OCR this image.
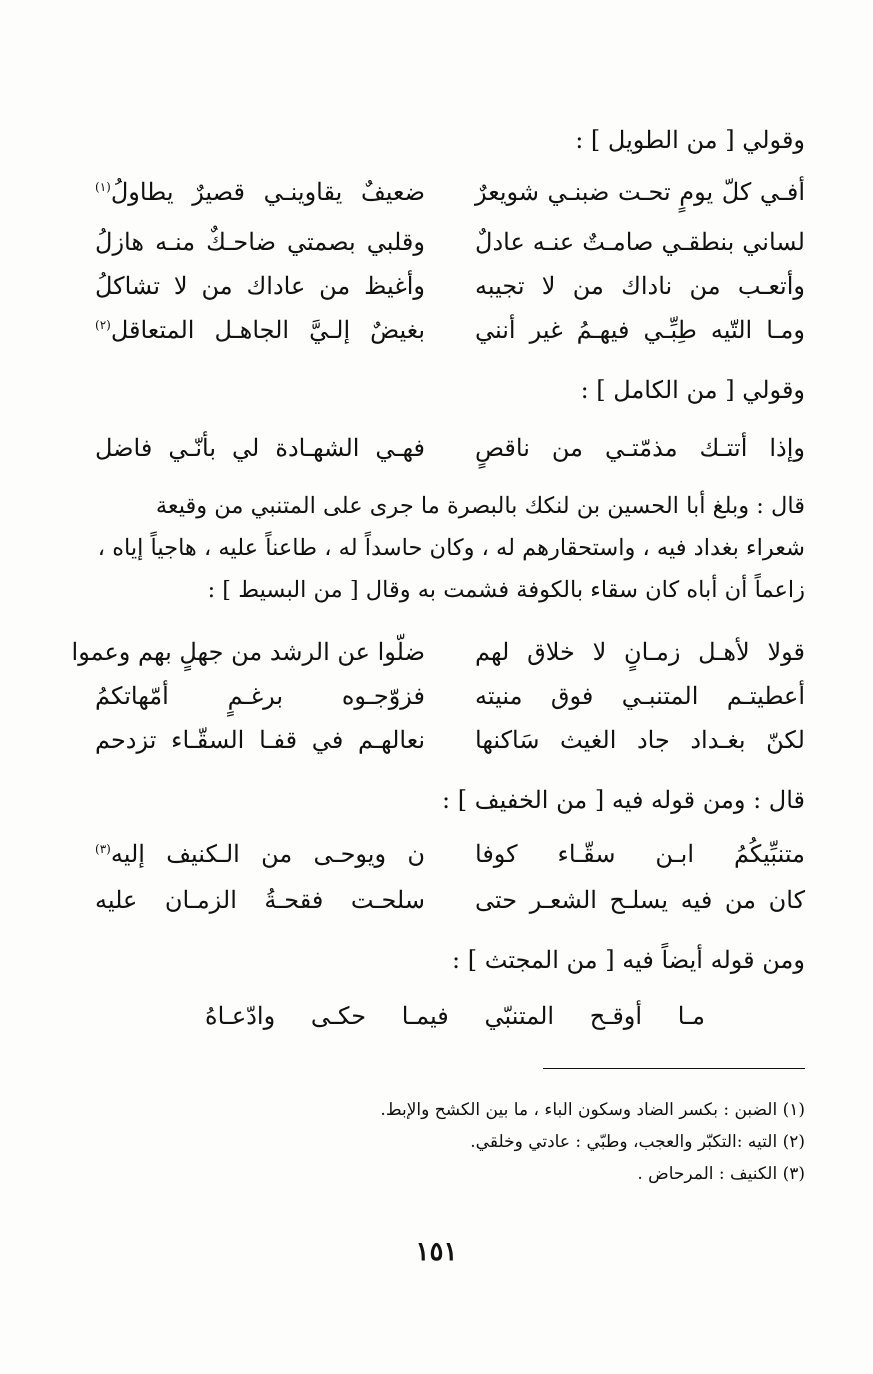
وقولي [ من الطويل ] :
أفـي كلّ يومٍ تحـت ضبنـي شويعرٌ
ضعيفٌ يقاوينـي قصيرٌ يطاولُ$^{(١)}$
لساني بنطقـي صامـتٌ عنـه عادلٌ
وقلبي بصمتي ضاحـكٌ منـه هازلُ
وأتعـب من ناداك من لا تجيبه
وأغيظ من عاداك من لا تشاكلُ
ومـا التّيه طِبِّـي فيهـمُ غير أنني
بغيضٌ إلـيَّ الجاهـل المتعاقل$^{(٢)}$
وقولي [ من الكامل ] :
وإذا أتتـك مذمّتـي من ناقصٍ
فهـي الشهـادة لي بأنّـي فاضل
قال : وبلغ أبا الحسين بن لنكك بالبصرة ما جرى على المتنبي من وقيعة
شعراء بغداد فيه ، واستحقارهم له ، وكان حاسداً له ، طاعناً عليه ، هاجياً إياه ،
زاعماً أن أباه كان سقاء بالكوفة فشمت به وقال [ من البسيط ] :
قولا لأهـل زمـانٍ لا خلاق لهم
ضلّوا عن الرشد من جهلٍ بهم وعموا
أعطيتـم المتنبـي فوق منيته
فزوّجـوه برغـمٍ أمّهاتكمُ
لكنّ بغـداد جاد الغيث سَاكنها
نعالهـم في قفـا السقّـاء تزدحم
قال : ومن قوله فيه [ من الخفيف ] :
متنبِّيكُمُ ابـن سقّـاء كوفا
ن ويوحـى من الـكنيف إليه$^{(٣)}$
كان من فيه يسلـح الشعـر حتى
سلحـت فقحـةُ الزمـان عليه
ومن قوله أيضاً فيه [ من المجتث ] :
مـا أوقـح المتنبّي فيمـا حكـى وادّعـاهُ
(١) الضبن : بكسر الضاد وسكون الباء ، ما بين الكشح والإبط.
(٢) التيه :التكبّر والعجب، وطبّي : عادتي وخلقي.
(٣) الكنيف : المرحاض .
١٥١
